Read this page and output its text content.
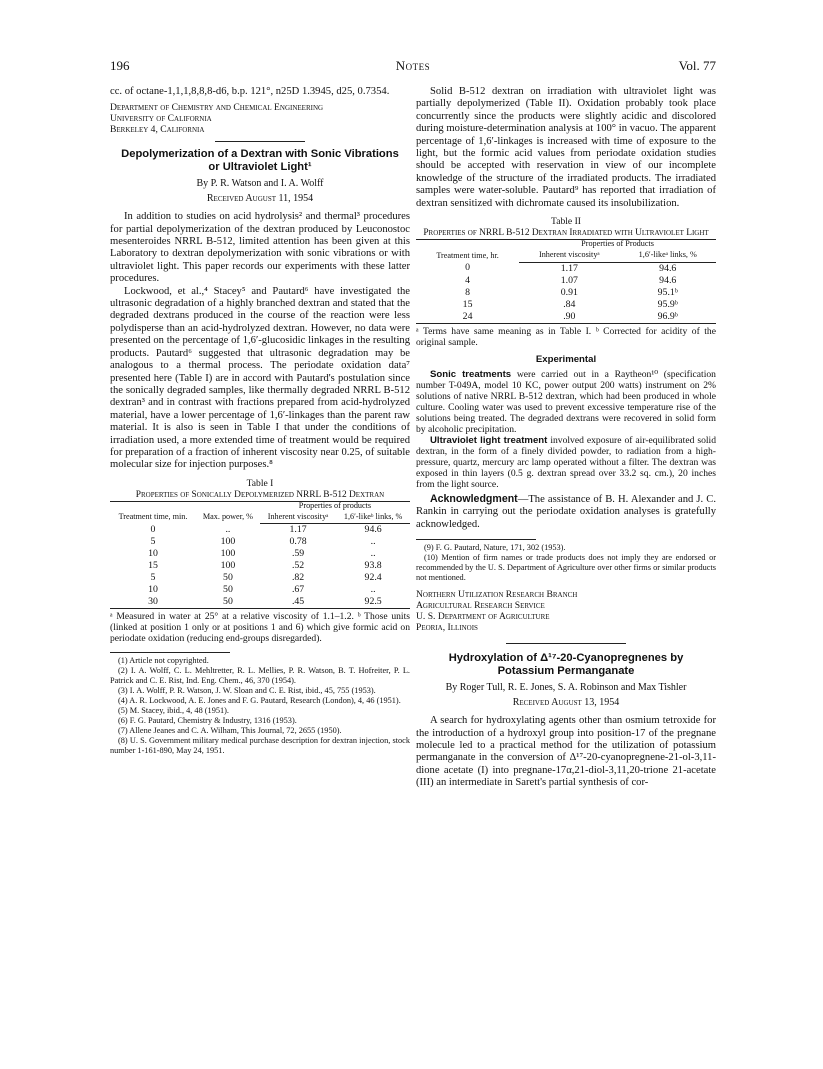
196	Notes	Vol. 77

cc. of octane-1,1,1,8,8,8-d6, b.p. 121°, n25D 1.3945, d25, 0.7354.

Department of Chemistry and Chemical Engineering
University of California
Berkeley 4, California
Depolymerization of a Dextran with Sonic Vibrations or Ultraviolet Light¹
By P. R. Watson and I. A. Wolff
Received August 11, 1954

In addition to studies on acid hydrolysis² and thermal³ procedures for partial depolymerization of the dextran produced by Leuconostoc mesenteroides NRRL B-512, limited attention has been given at this Laboratory to dextran depolymerization with sonic vibrations or with ultraviolet light. This paper records our experiments with these latter procedures.

Lockwood, et al.,⁴ Stacey⁵ and Pautard⁶ have investigated the ultrasonic degradation of a highly branched dextran and stated that the degraded dextrans produced in the course of the reaction were less polydisperse than an acid-hydrolyzed dextran. However, no data were presented on the percentage of 1,6′-glucosidic linkages in the resulting products. Pautard⁶ suggested that ultrasonic degradation may be analogous to a thermal process. The periodate oxidation data⁷ presented here (Table I) are in accord with Pautard's postulation since the sonically degraded samples, like thermally degraded NRRL B-512 dextran³ and in contrast with fractions prepared from acid-hydrolyzed material, have a lower percentage of 1,6′-linkages than the parent raw material. It is also is seen in Table I that under the conditions of irradiation used, a more extended time of treatment would be required for preparation of a fraction of inherent viscosity near 0.25, of suitable molecular size for injection purposes.⁸

Table I
Properties of Sonically Depolymerized NRRL B-512 Dextran
Treatment time, min.	Max. power, %	Properties of products	
		Inherent viscosityᵃ	1,6′-likeᵇ links, %
0	..	1.17	94.6
5	100	0.78	..
10	100	.59	..
15	100	.52	93.8
5	50	.82	92.4
10	50	.67	..
30	50	.45	92.5

ᵃ Measured in water at 25° at a relative viscosity of 1.1–1.2. ᵇ Those units (linked at position 1 only or at positions 1 and 6) which give formic acid on periodate oxidation (reducing end-groups disregarded).

(1) Article not copyrighted.

(2) I. A. Wolff, C. L. Mehltretter, R. L. Mellies, P. R. Watson, B. T. Hofreiter, P. L. Patrick and C. E. Rist, Ind. Eng. Chem., 46, 370 (1954).

(3) I. A. Wolff, P. R. Watson, J. W. Sloan and C. E. Rist, ibid., 45, 755 (1953).

(4) A. R. Lockwood, A. E. Jones and F. G. Pautard, Research (London), 4, 46 (1951).

(5) M. Stacey, ibid., 4, 48 (1951).

(6) F. G. Pautard, Chemistry & Industry, 1316 (1953).

(7) Allene Jeanes and C. A. Wilham, This Journal, 72, 2655 (1950).

(8) U. S. Government military medical purchase description for dextran injection, stock number 1-161-890, May 24, 1951.

Solid B-512 dextran on irradiation with ultraviolet light was partially depolymerized (Table II). Oxidation probably took place concurrently since the products were slightly acidic and discolored during moisture-determination analysis at 100° in vacuo. The apparent percentage of 1,6′-linkages is increased with time of exposure to the light, but the formic acid values from periodate oxidation studies should be accepted with reservation in view of our incomplete knowledge of the structure of the irradiated products. The irradiated samples were water-soluble. Pautard⁹ has reported that irradiation of dextran sensitized with dichromate caused its insolubilization.

Table II
Properties of NRRL B-512 Dextran Irradiated with Ultraviolet Light
Treatment time, hr.	Properties of Products	
	Inherent viscosityᵃ	1,6′-likeᵃ links, %
0	1.17	94.6
4	1.07	94.6
8	0.91	95.1ᵇ
15	.84	95.9ᵇ
24	.90	96.9ᵇ

ᵃ Terms have same meaning as in Table I. ᵇ Corrected for acidity of the original sample.

Experimental

Sonic treatments were carried out in a Raytheon¹⁰ (specification number T-049A, model 10 KC, power output 200 watts) instrument on 2% solutions of native NRRL B-512 dextran, which had been produced in whole culture. Cooling water was used to prevent excessive temperature rise of the solutions being treated. The degraded dextrans were recovered in solid form by alcoholic precipitation.

Ultraviolet light treatment involved exposure of air-equilibrated solid dextran, in the form of a finely divided powder, to radiation from a high-pressure, quartz, mercury arc lamp operated without a filter. The dextran was exposed in thin layers (0.5 g. dextran spread over 33.2 sq. cm.), 20 inches from the light source.

Acknowledgment—The assistance of B. H. Alexander and J. C. Rankin in carrying out the periodate oxidation analyses is gratefully acknowledged.

(9) F. G. Pautard, Nature, 171, 302 (1953).

(10) Mention of firm names or trade products does not imply they are endorsed or recommended by the U. S. Department of Agriculture over other firms or similar products not mentioned.

Northern Utilization Research Branch
Agricultural Research Service
U. S. Department of Agriculture
Peoria, Illinois
Hydroxylation of Δ¹⁷-20-Cyanopregnenes by Potassium Permanganate
By Roger Tull, R. E. Jones, S. A. Robinson and Max Tishler
Received August 13, 1954

A search for hydroxylating agents other than osmium tetroxide for the introduction of a hydroxyl group into position-17 of the pregnane molecule led to a practical method for the utilization of potassium permanganate in the conversion of Δ¹⁷-20-cyanopregnene-21-ol-3,11-dione acetate (I) into pregnane-17α,21-diol-3,11,20-trione 21-acetate (III) an intermediate in Sarett's partial synthesis of cor-
